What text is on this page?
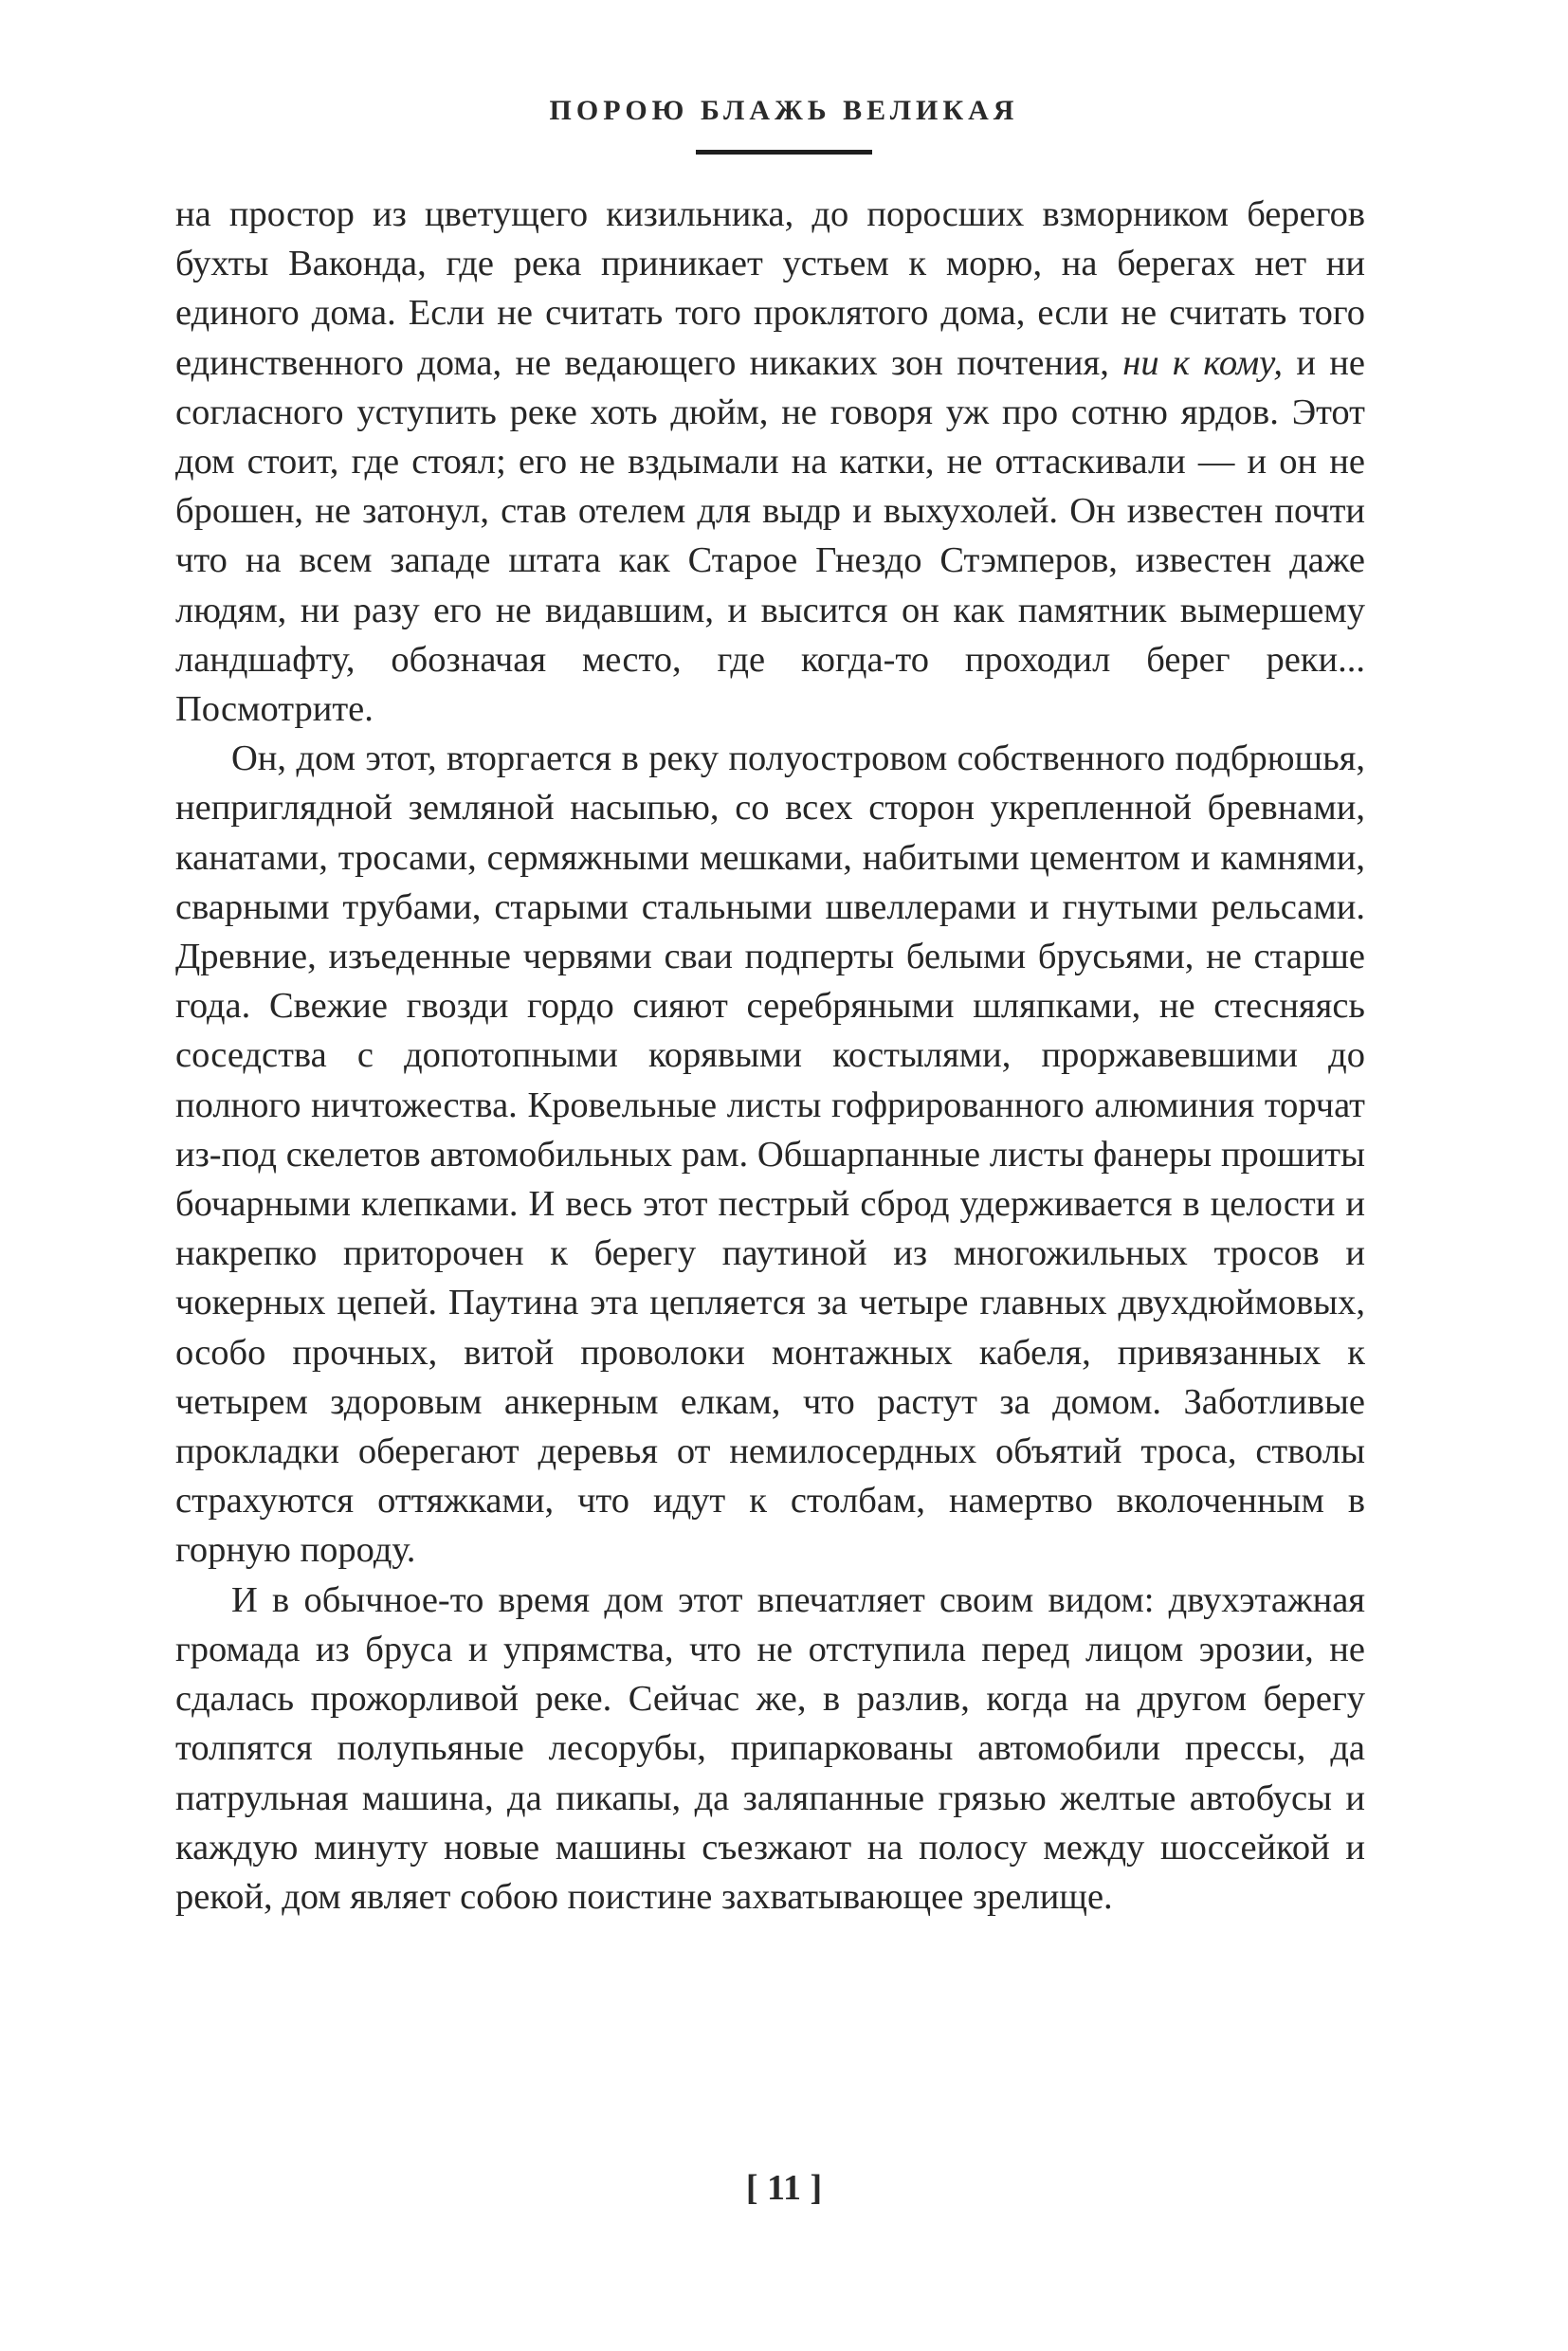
ПОРОЮ БЛАЖЬ ВЕЛИКАЯ

на простор из цветущего кизильника, до поросших взморником берегов бухты Ваконда, где река приникает устьем к морю, на берегах нет ни единого дома. Если не считать того проклятого дома, если не считать того единственного дома, не ведающего никаких зон почтения, ни к кому, и не согласного уступить реке хоть дюйм, не говоря уж про сотню ярдов. Этот дом стоит, где стоял; его не вздымали на катки, не оттаскивали — и он не брошен, не затонул, став отелем для выдр и выхухолей. Он известен почти что на всем западе штата как Старое Гнездо Стэмперов, известен даже людям, ни разу его не видавшим, и высится он как памятник вымершему ландшафту, обозначая место, где когда-то проходил берег реки... Посмотрите.

Он, дом этот, вторгается в реку полуостровом собственного подбрюшья, неприглядной земляной насыпью, со всех сторон укрепленной бревнами, канатами, тросами, сермяжными мешками, набитыми цементом и камнями, сварными трубами, старыми стальными швеллерами и гнутыми рельсами. Древние, изъеденные червями сваи подперты белыми брусьями, не старше года. Свежие гвозди гордо сияют серебряными шляпками, не стесняясь соседства с допотопными корявыми костылями, проржавевшими до полного ничтожества. Кровельные листы гофрированного алюминия торчат из-под скелетов автомобильных рам. Обшарпанные листы фанеры прошиты бочарными клепками. И весь этот пестрый сброд удерживается в целости и накрепко приторочен к берегу паутиной из многожильных тросов и чокерных цепей. Паутина эта цепляется за четыре главных двухдюймовых, особо прочных, витой проволоки монтажных кабеля, привязанных к четырем здоровым анкерным елкам, что растут за домом. Заботливые прокладки оберегают деревья от немилосердных объятий троса, стволы страхуются оттяжками, что идут к столбам, намертво вколоченным в горную породу.

И в обычное-то время дом этот впечатляет своим видом: двухэтажная громада из бруса и упрямства, что не отступила перед лицом эрозии, не сдалась прожорливой реке. Сейчас же, в разлив, когда на другом берегу толпятся полупьяные лесорубы, припаркованы автомобили прессы, да патрульная машина, да пикапы, да заляпанные грязью желтые автобусы и каждую минуту новые машины съезжают на полосу между шоссейкой и рекой, дом являет собою поистине захватывающее зрелище.

[ 11 ]
